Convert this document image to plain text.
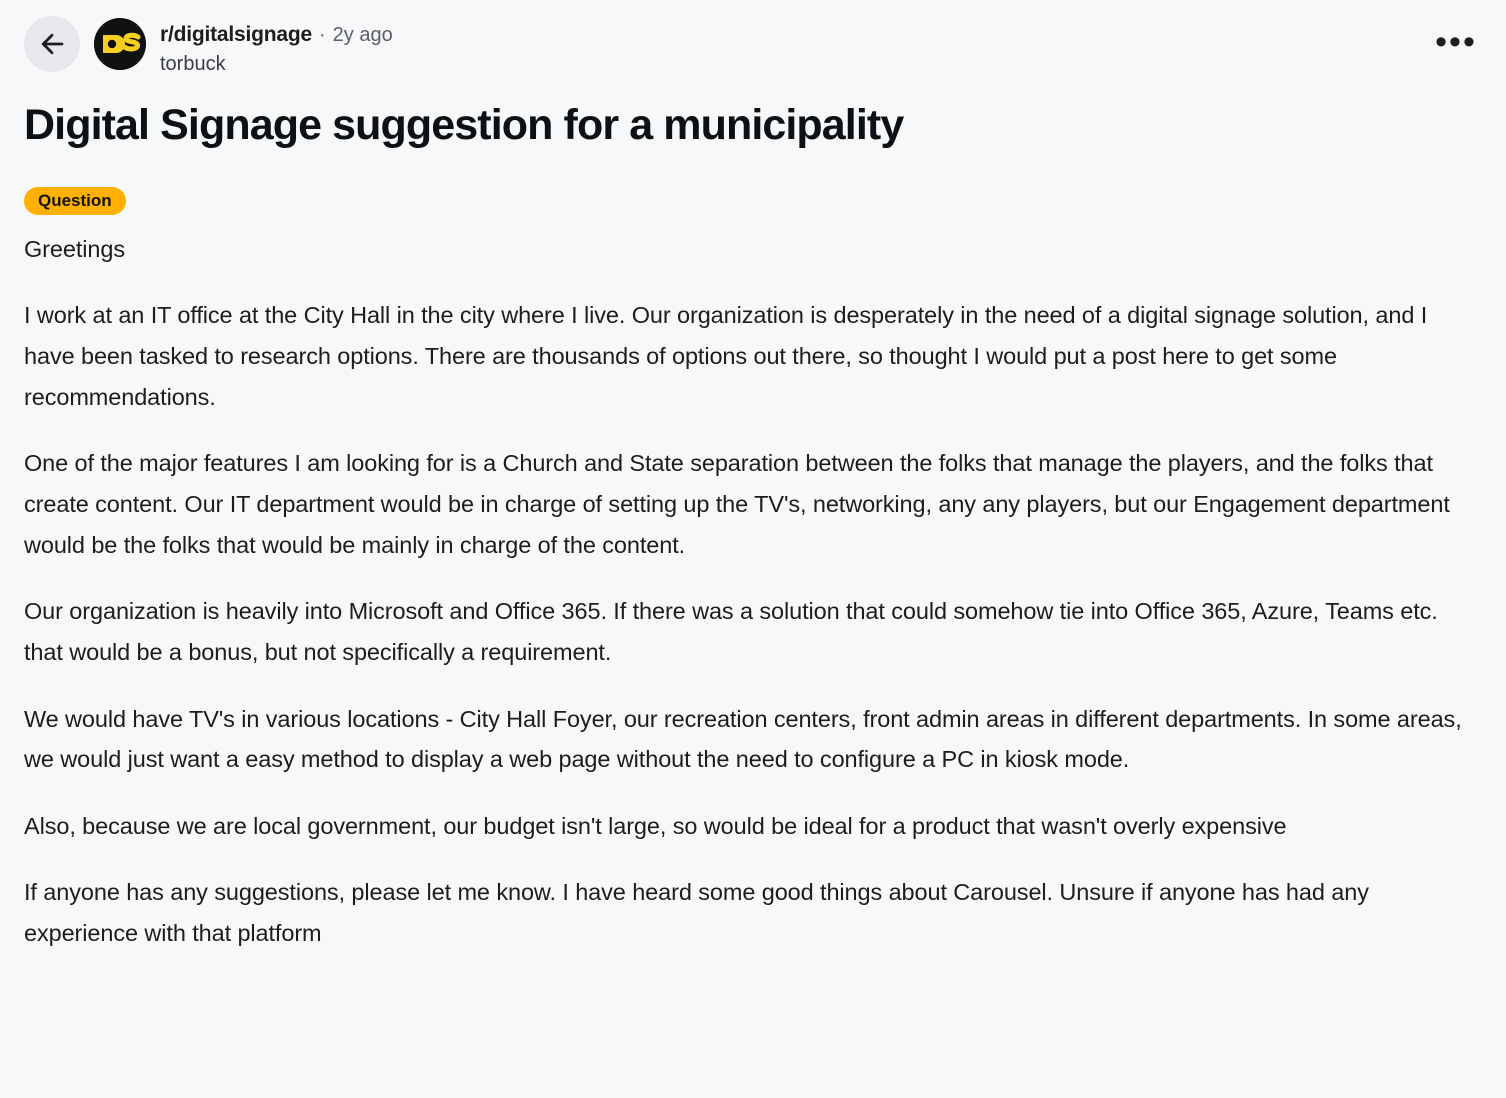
r/digitalsignage · 2y ago
torbuck
•••
Digital Signage suggestion for a municipality
Question

Greetings

I work at an IT office at the City Hall in the city where I live. Our organization is desperately in the need of a digital signage solution, and I have been tasked to research options. There are thousands of options out there, so thought I would put a post here to get some recommendations.

One of the major features I am looking for is a Church and State separation between the folks that manage the players, and the folks that create content. Our IT department would be in charge of setting up the TV's, networking, any any players, but our Engagement department would be the folks that would be mainly in charge of the content.

Our organization is heavily into Microsoft and Office 365. If there was a solution that could somehow tie into Office 365, Azure, Teams etc. that would be a bonus, but not specifically a requirement.

We would have TV's in various locations - City Hall Foyer, our recreation centers, front admin areas in different departments. In some areas, we would just want a easy method to display a web page without the need to configure a PC in kiosk mode.

Also, because we are local government, our budget isn't large, so would be ideal for a product that wasn't overly expensive

If anyone has any suggestions, please let me know. I have heard some good things about Carousel. Unsure if anyone has had any experience with that platform
